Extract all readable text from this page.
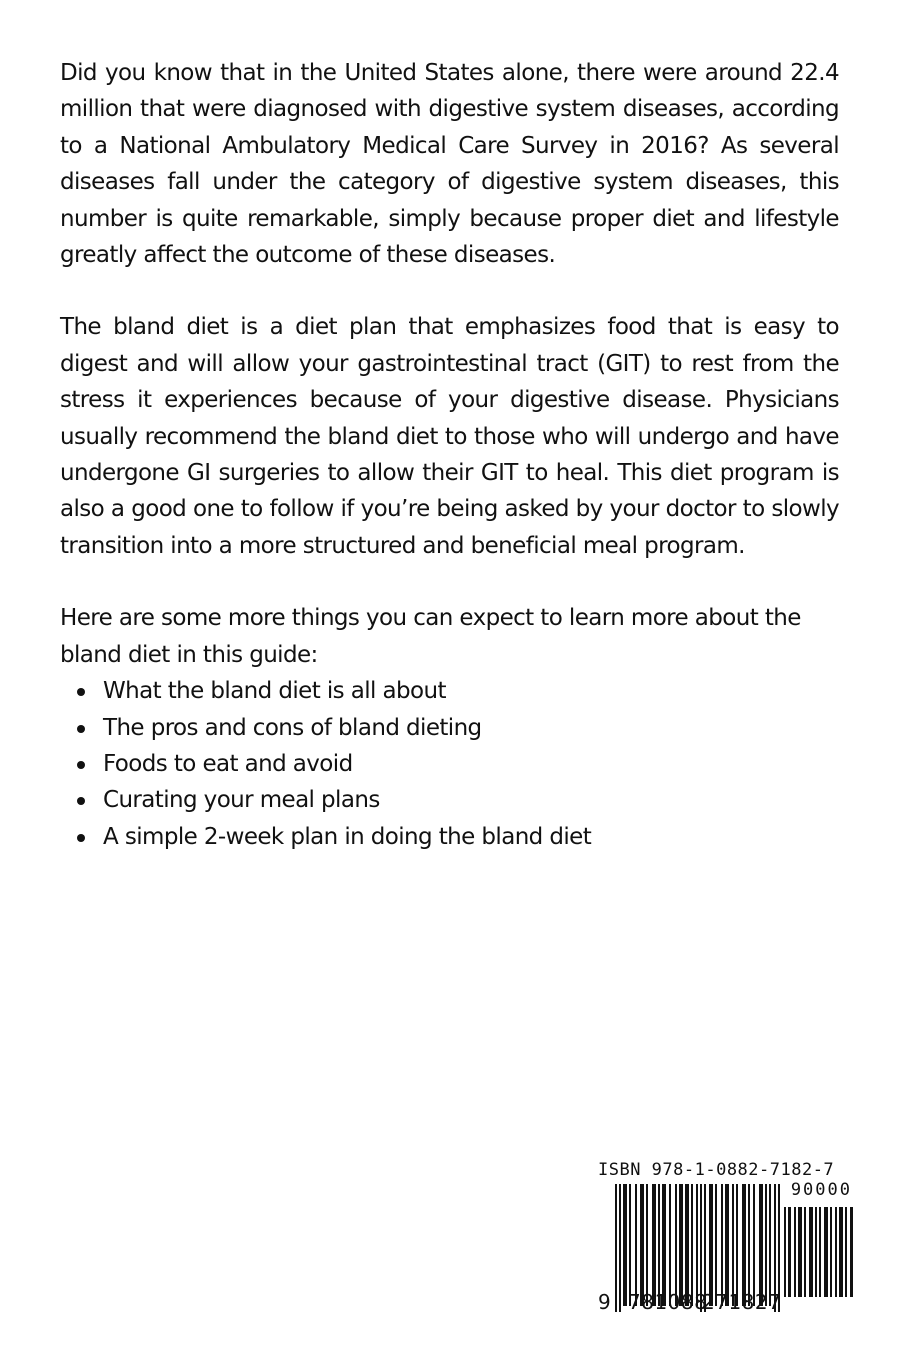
Did you know that in the United States alone, there were around 22.4 million that were diagnosed with digestive system diseases, according to a National Ambulatory Medical Care Survey in 2016? As several diseases fall under the category of digestive system diseases, this number is quite remarkable, simply because proper diet and lifestyle greatly affect the outcome of these diseases.

The bland diet is a diet plan that emphasizes food that is easy to digest and will allow your gastrointestinal tract (GIT) to rest from the stress it experiences because of your digestive disease. Physicians usually recommend the bland diet to those who will undergo and have undergone GI surgeries to allow their GIT to heal. This diet program is also a good one to follow if you’re being asked by your doctor to slowly transition into a more structured and beneficial meal program.

Here are some more things you can expect to learn more about the bland diet in this guide:

What the bland diet is all about
The pros and cons of bland dieting
Foods to eat and avoid
Curating your meal plans
A simple 2-week plan in doing the bland diet
ISBN 978-1-0882-7182-7
90000
9 781088
271827
